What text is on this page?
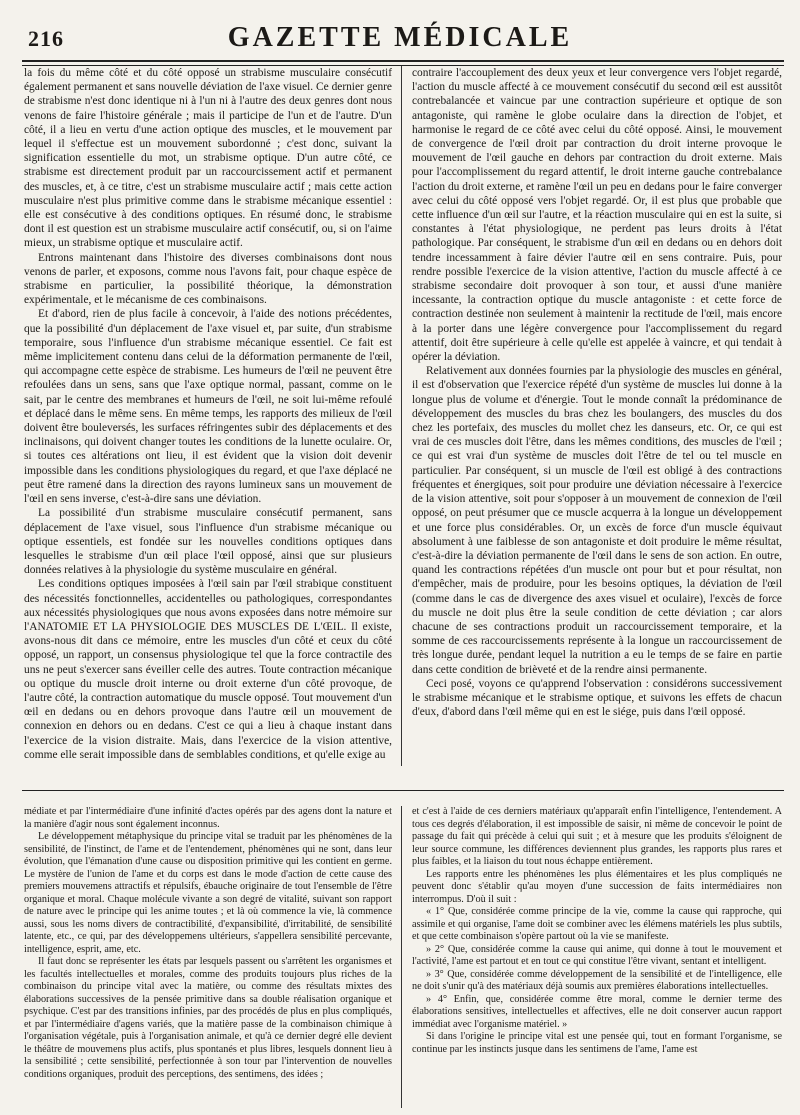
216	GAZETTE MÉDICALE

la fois du même côté et du côté opposé un strabisme musculaire consécutif également permanent et sans nouvelle déviation de l'axe visuel. Ce dernier genre de strabisme n'est donc identique ni à l'un ni à l'autre des deux genres dont nous venons de faire l'histoire générale ; mais il participe de l'un et de l'autre. D'un côté, il a lieu en vertu d'une action optique des muscles, et le mouvement par lequel il s'effectue est un mouvement subordonné ; c'est donc, suivant la signification essentielle du mot, un strabisme optique. D'un autre côté, ce strabisme est directement produit par un raccourcissement actif et permanent des muscles, et, à ce titre, c'est un strabisme musculaire actif ; mais cette action musculaire n'est plus primitive comme dans le strabisme mécanique essentiel : elle est consécutive à des conditions optiques. En résumé donc, le strabisme dont il est question est un strabisme musculaire actif consécutif, ou, si on l'aime mieux, un strabisme optique et musculaire actif.

Entrons maintenant dans l'histoire des diverses combinaisons dont nous venons de parler, et exposons, comme nous l'avons fait, pour chaque espèce de strabisme en particulier, la possibilité théorique, la démonstration expérimentale, et le mécanisme de ces combinaisons.

Et d'abord, rien de plus facile à concevoir, à l'aide des notions précédentes, que la possibilité d'un déplacement de l'axe visuel et, par suite, d'un strabisme temporaire, sous l'influence d'un strabisme mécanique essentiel. Ce fait est même implicitement contenu dans celui de la déformation permanente de l'œil, qui accompagne cette espèce de strabisme. Les humeurs de l'œil ne peuvent être refoulées dans un sens, sans que l'axe optique normal, passant, comme on le sait, par le centre des membranes et humeurs de l'œil, ne soit lui-même refoulé et déplacé dans le même sens. En même temps, les rapports des milieux de l'œil doivent être bouleversés, les surfaces réfringentes subir des déplacements et des inclinaisons, qui doivent changer toutes les conditions de la lunette oculaire. Or, si toutes ces altérations ont lieu, il est évident que la vision doit devenir impossible dans les conditions physiologiques du regard, et que l'axe déplacé ne peut être ramené dans la direction des rayons lumineux sans un mouvement de l'œil en sens inverse, c'est-à-dire sans une déviation.

La possibilité d'un strabisme musculaire consécutif permanent, sans déplacement de l'axe visuel, sous l'influence d'un strabisme mécanique ou optique essentiels, est fondée sur les nouvelles conditions optiques dans lesquelles le strabisme d'un œil place l'œil opposé, ainsi que sur plusieurs données relatives à la physiologie du système musculaire en général.

Les conditions optiques imposées à l'œil sain par l'œil strabique constituent des nécessités fonctionnelles, accidentelles ou pathologiques, correspondantes aux nécessités physiologiques que nous avons exposées dans notre mémoire sur l'ANATOMIE ET LA PHYSIOLOGIE DES MUSCLES DE L'ŒIL. Il existe, avons-nous dit dans ce mémoire, entre les muscles d'un côté et ceux du côté opposé, un rapport, un consensus physiologique tel que la force contractile des uns ne peut s'exercer sans éveiller celle des autres. Toute contraction mécanique ou optique du muscle droit interne ou droit externe d'un côté provoque, de l'autre côté, la contraction automatique du muscle opposé. Tout mouvement d'un œil en dedans ou en dehors provoque dans l'autre œil un mouvement de connexion en dehors ou en dedans. C'est ce qui a lieu à chaque instant dans l'exercice de la vision distraite. Mais, dans l'exercice de la vision attentive, comme elle serait impossible dans de semblables conditions, et qu'elle exige au

contraire l'accouplement des deux yeux et leur convergence vers l'objet regardé, l'action du muscle affecté à ce mouvement consécutif du second œil est aussitôt contrebalancée et vaincue par une contraction supérieure et optique de son antagoniste, qui ramène le globe oculaire dans la direction de l'objet, et harmonise le regard de ce côté avec celui du côté opposé. Ainsi, le mouvement de convergence de l'œil droit par contraction du droit interne provoque le mouvement de l'œil gauche en dehors par contraction du droit externe. Mais pour l'accomplissement du regard attentif, le droit interne gauche contrebalance l'action du droit externe, et ramène l'œil un peu en dedans pour le faire converger avec celui du côté opposé vers l'objet regardé. Or, il est plus que probable que cette influence d'un œil sur l'autre, et la réaction musculaire qui en est la suite, si constantes à l'état physiologique, ne perdent pas leurs droits à l'état pathologique. Par conséquent, le strabisme d'un œil en dedans ou en dehors doit tendre incessamment à faire dévier l'autre œil en sens contraire. Puis, pour rendre possible l'exercice de la vision attentive, l'action du muscle affecté à ce strabisme secondaire doit provoquer à son tour, et aussi d'une manière incessante, la contraction optique du muscle antagoniste : et cette force de contraction destinée non seulement à maintenir la rectitude de l'œil, mais encore à la porter dans une légère convergence pour l'accomplissement du regard attentif, doit être supérieure à celle qu'elle est appelée à vaincre, et qui tendait à opérer la déviation.

Relativement aux données fournies par la physiologie des muscles en général, il est d'observation que l'exercice répété d'un système de muscles lui donne à la longue plus de volume et d'énergie. Tout le monde connaît la prédominance de développement des muscles du bras chez les boulangers, des muscles du dos chez les portefaix, des muscles du mollet chez les danseurs, etc. Or, ce qui est vrai de ces muscles doit l'être, dans les mêmes conditions, des muscles de l'œil ; ce qui est vrai d'un système de muscles doit l'être de tel ou tel muscle en particulier. Par conséquent, si un muscle de l'œil est obligé à des contractions fréquentes et énergiques, soit pour produire une déviation nécessaire à l'exercice de la vision attentive, soit pour s'opposer à un mouvement de connexion de l'œil opposé, on peut présumer que ce muscle acquerra à la longue un développement et une force plus considérables. Or, un excès de force d'un muscle équivaut absolument à une faiblesse de son antagoniste et doit produire le même résultat, c'est-à-dire la déviation permanente de l'œil dans le sens de son action. En outre, quand les contractions répétées d'un muscle ont pour but et pour résultat, non d'empêcher, mais de produire, pour les besoins optiques, la déviation de l'œil (comme dans le cas de divergence des axes visuel et oculaire), l'excès de force du muscle ne doit plus être la seule condition de cette déviation ; car alors chacune de ses contractions produit un raccourcissement temporaire, et la somme de ces raccourcissements représente à la longue un raccourcissement de très longue durée, pendant lequel la nutrition a eu le temps de se faire en partie dans cette condition de brièveté et de la rendre ainsi permanente.

Ceci posé, voyons ce qu'apprend l'observation : considérons successivement le strabisme mécanique et le strabisme optique, et suivons les effets de chacun d'eux, d'abord dans l'œil même qui en est le siége, puis dans l'œil opposé.

médiate et par l'intermédiaire d'une infinité d'actes opérés par des agens dont la nature et la manière d'agir nous sont également inconnus.

Le développement métaphysique du principe vital se traduit par les phénomènes de la sensibilité, de l'instinct, de l'ame et de l'entendement, phénomènes qui ne sont, dans leur évolution, que l'émanation d'une cause ou disposition primitive qui les contient en germe. Le mystère de l'union de l'ame et du corps est dans le mode d'action de cette cause des premiers mouvemens attractifs et répulsifs, ébauche originaire de tout l'ensemble de l'être organique et moral. Chaque molécule vivante a son degré de vitalité, suivant son rapport de nature avec le principe qui les anime toutes ; et là où commence la vie, là commence aussi, sous les noms divers de contractibilité, d'expansibilité, d'irritabilité, de sensibilité latente, etc., ce qui, par des développemens ultérieurs, s'appellera sensibilité percevante, intelligence, esprit, ame, etc.

Il faut donc se représenter les états par lesquels passent ou s'arrêtent les organismes et les facultés intellectuelles et morales, comme des produits toujours plus riches de la combinaison du principe vital avec la matière, ou comme des résultats mixtes des élaborations successives de la pensée primitive dans sa double réalisation organique et psychique. C'est par des transitions infinies, par des procédés de plus en plus compliqués, et par l'intermédiaire d'agens variés, que la matière passe de la combinaison chimique à l'organisation végétale, puis à l'organisation animale, et qu'à ce dernier degré elle devient le théâtre de mouvemens plus actifs, plus spontanés et plus libres, lesquels donnent lieu à la sensibilité ; cette sensibilité, perfectionnée à son tour par l'intervention de nouvelles conditions organiques, produit des perceptions, des sentimens, des idées ;

et c'est à l'aide de ces derniers matériaux qu'apparaît enfin l'intelligence, l'entendement. A tous ces degrés d'élaboration, il est impossible de saisir, ni même de concevoir le point de passage du fait qui précède à celui qui suit ; et à mesure que les produits s'éloignent de leur source commune, les différences deviennent plus grandes, les rapports plus rares et plus faibles, et la liaison du tout nous échappe entièrement.

Les rapports entre les phénomènes les plus élémentaires et les plus compliqués ne peuvent donc s'établir qu'au moyen d'une succession de faits intermédiaires non interrompus. D'où il suit :

« 1° Que, considérée comme principe de la vie, comme la cause qui rapproche, qui assimile et qui organise, l'ame doit se combiner avec les élémens matériels les plus subtils, et que cette combinaison s'opère partout où la vie se manifeste.

» 2° Que, considérée comme la cause qui anime, qui donne à tout le mouvement et l'activité, l'ame est partout et en tout ce qui constitue l'être vivant, sentant et intelligent.

» 3° Que, considérée comme développement de la sensibilité et de l'intelligence, elle ne doit s'unir qu'à des matériaux déjà soumis aux premières élaborations intellectuelles.

» 4° Enfin, que, considérée comme être moral, comme le dernier terme des élaborations sensitives, intellectuelles et affectives, elle ne doit conserver aucun rapport immédiat avec l'organisme matériel. »

Si dans l'origine le principe vital est une pensée qui, tout en formant l'organisme, se continue par les instincts jusque dans les sentimens de l'ame, l'ame est
